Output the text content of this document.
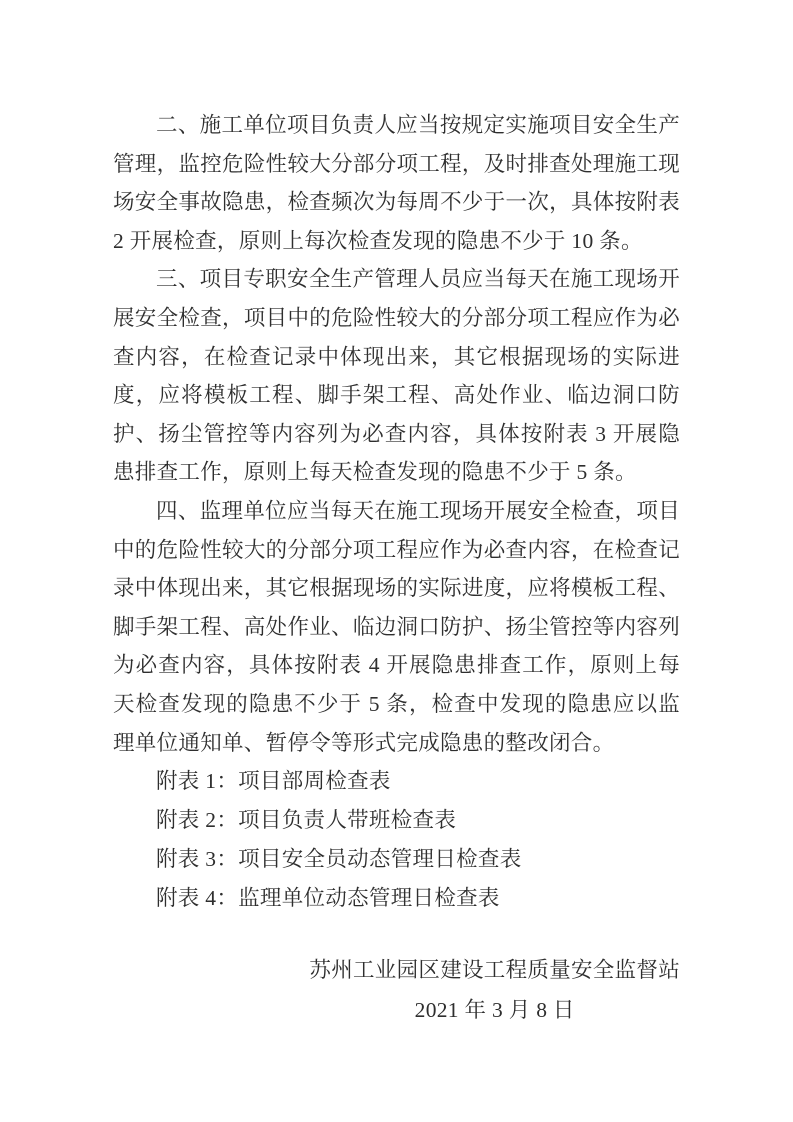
二、施工单位项目负责人应当按规定实施项目安全生产管理，监控危险性较大分部分项工程，及时排查处理施工现场安全事故隐患，检查频次为每周不少于一次，具体按附表 2 开展检查，原则上每次检查发现的隐患不少于 10 条。

三、项目专职安全生产管理人员应当每天在施工现场开展安全检查，项目中的危险性较大的分部分项工程应作为必查内容，在检查记录中体现出来，其它根据现场的实际进度，应将模板工程、脚手架工程、高处作业、临边洞口防护、扬尘管控等内容列为必查内容，具体按附表 3 开展隐患排查工作，原则上每天检查发现的隐患不少于 5 条。

四、监理单位应当每天在施工现场开展安全检查，项目中的危险性较大的分部分项工程应作为必查内容，在检查记录中体现出来，其它根据现场的实际进度，应将模板工程、脚手架工程、高处作业、临边洞口防护、扬尘管控等内容列为必查内容，具体按附表 4 开展隐患排查工作，原则上每天检查发现的隐患不少于 5 条，检查中发现的隐患应以监理单位通知单、暂停令等形式完成隐患的整改闭合。

附表 1：项目部周检查表
附表 2：项目负责人带班检查表
附表 3：项目安全员动态管理日检查表
附表 4：监理单位动态管理日检查表
苏州工业园区建设工程质量安全监督站
2021 年 3 月 8 日
